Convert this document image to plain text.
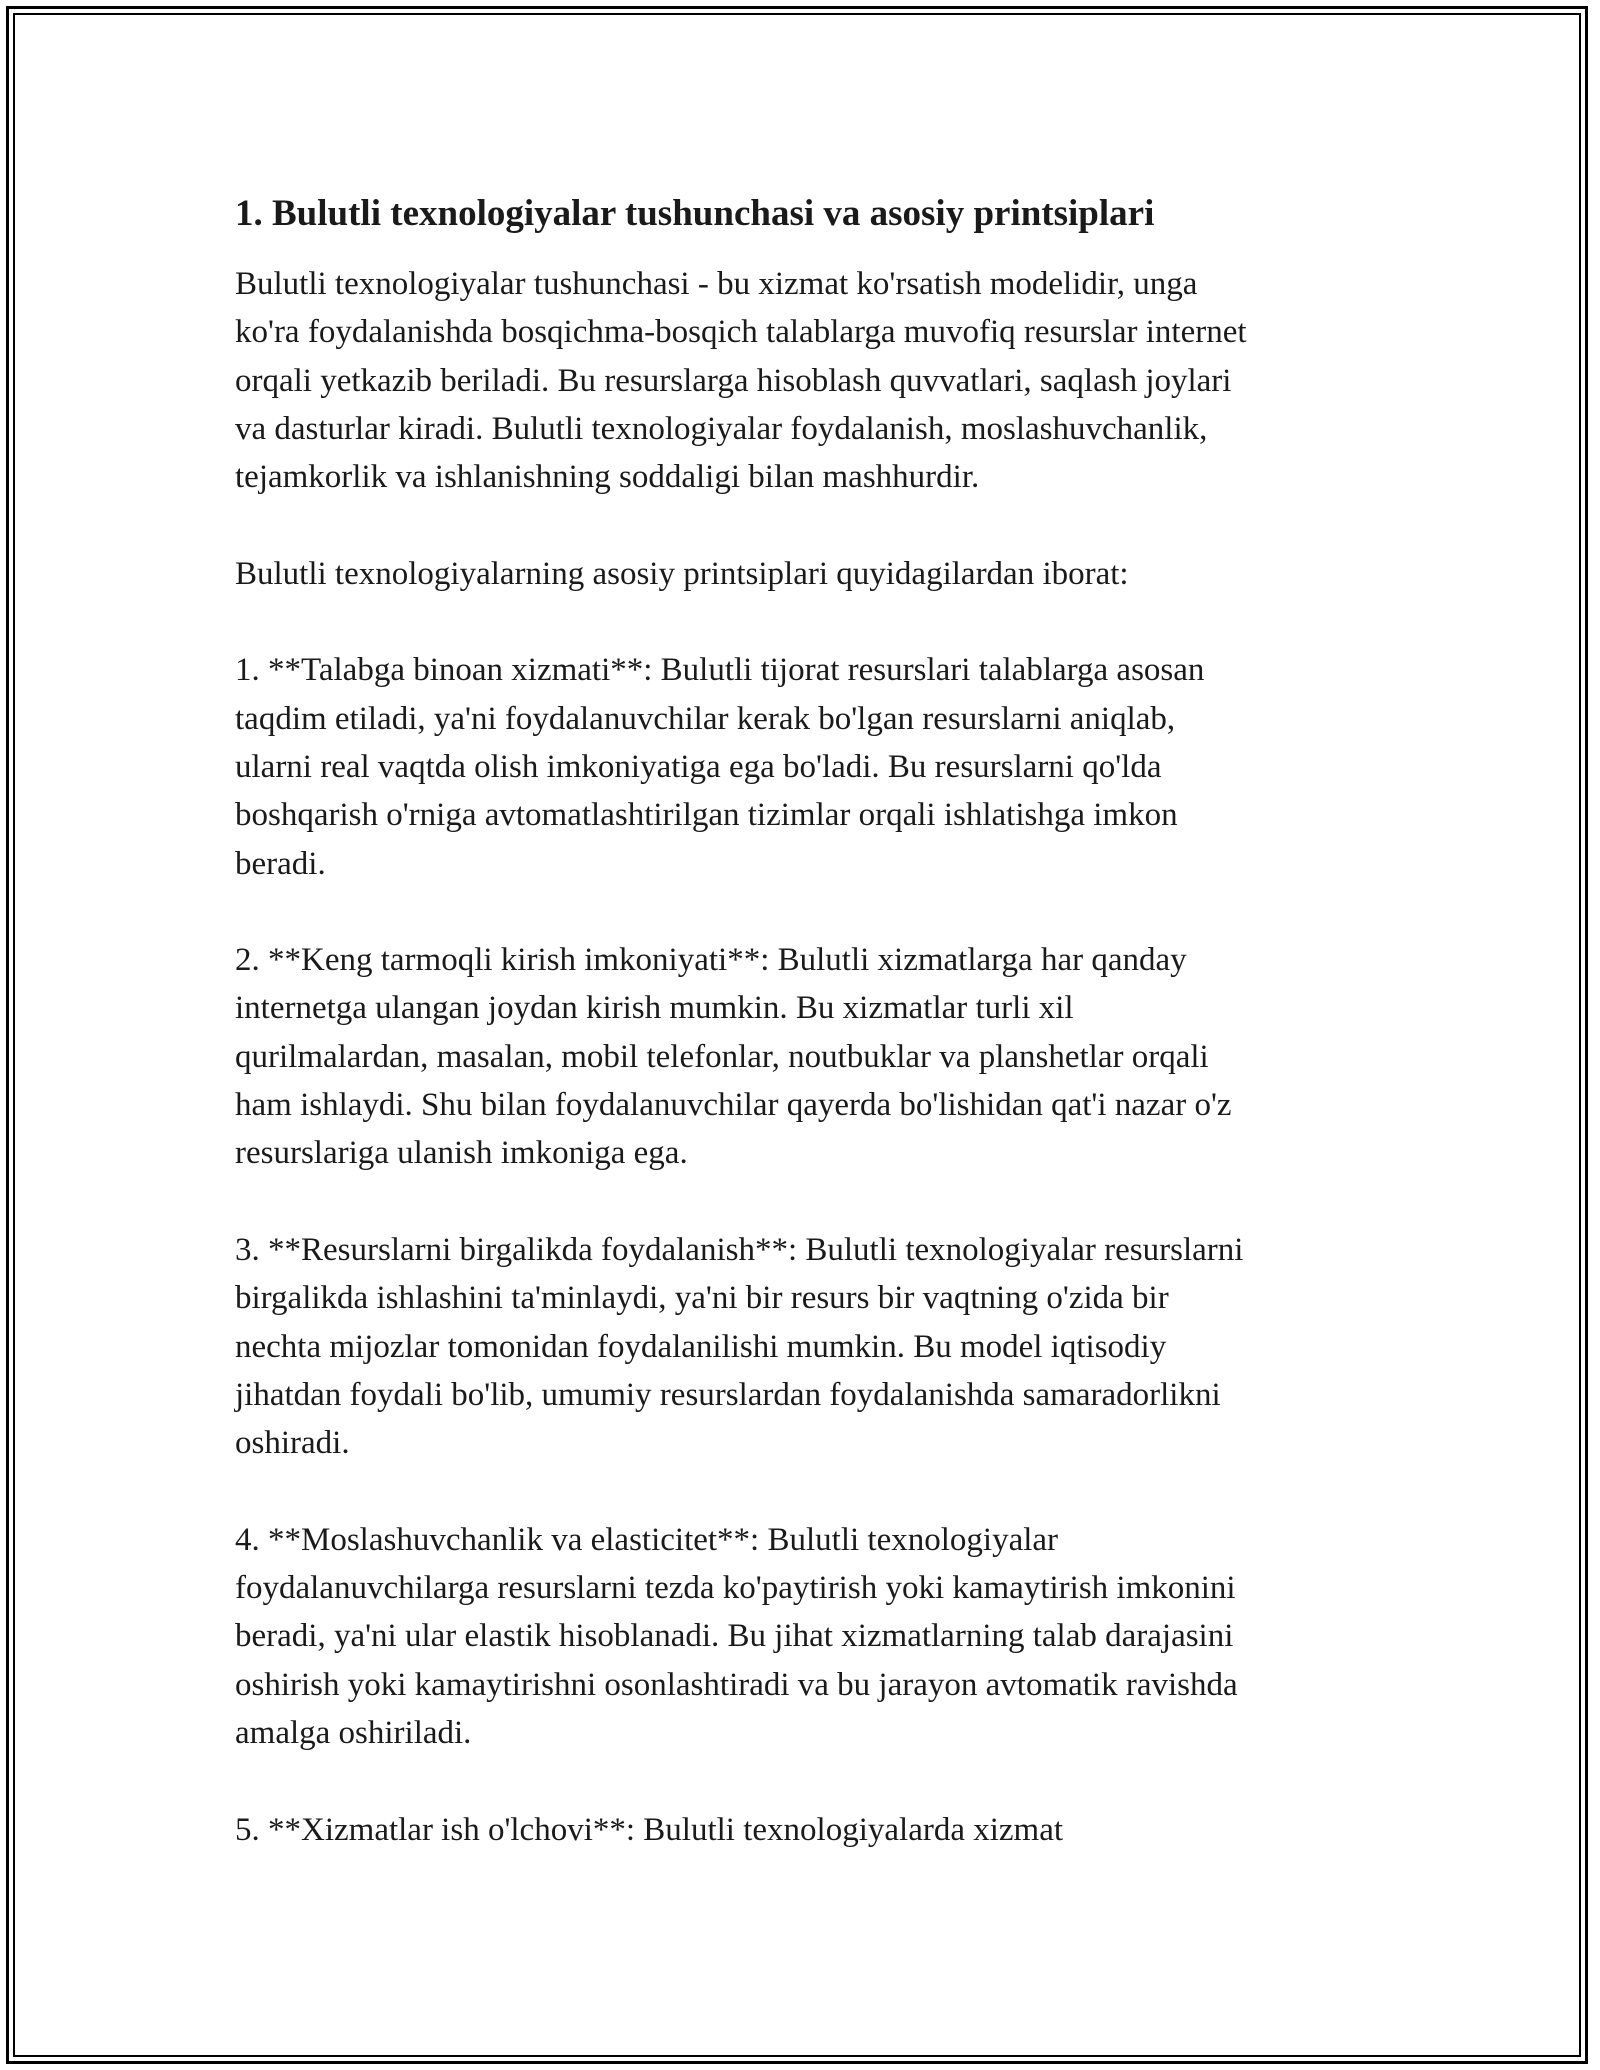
1. Bulutli texnologiyalar tushunchasi va asosiy printsiplari

Bulutli texnologiyalar tushunchasi - bu xizmat ko'rsatish modelidir, unga
ko'ra foydalanishda bosqichma-bosqich talablarga muvofiq resurslar internet
orqali yetkazib beriladi. Bu resurslarga hisoblash quvvatlari, saqlash joylari
va dasturlar kiradi. Bulutli texnologiyalar foydalanish, moslashuvchanlik,
tejamkorlik va ishlanishning soddaligi bilan mashhurdir.

Bulutli texnologiyalarning asosiy printsiplari quyidagilardan iborat:

1. **Talabga binoan xizmati**: Bulutli tijorat resurslari talablarga asosan
taqdim etiladi, ya'ni foydalanuvchilar kerak bo'lgan resurslarni aniqlab,
ularni real vaqtda olish imkoniyatiga ega bo'ladi. Bu resurslarni qo'lda
boshqarish o'rniga avtomatlashtirilgan tizimlar orqali ishlatishga imkon
beradi.

2. **Keng tarmoqli kirish imkoniyati**: Bulutli xizmatlarga har qanday
internetga ulangan joydan kirish mumkin. Bu xizmatlar turli xil
qurilmalardan, masalan, mobil telefonlar, noutbuklar va planshetlar orqali
ham ishlaydi. Shu bilan foydalanuvchilar qayerda bo'lishidan qat'i nazar o'z
resurslariga ulanish imkoniga ega.

3. **Resurslarni birgalikda foydalanish**: Bulutli texnologiyalar resurslarni
birgalikda ishlashini ta'minlaydi, ya'ni bir resurs bir vaqtning o'zida bir
nechta mijozlar tomonidan foydalanilishi mumkin. Bu model iqtisodiy
jihatdan foydali bo'lib, umumiy resurslardan foydalanishda samaradorlikni
oshiradi.

4. **Moslashuvchanlik va elasticitet**: Bulutli texnologiyalar
foydalanuvchilarga resurslarni tezda ko'paytirish yoki kamaytirish imkonini
beradi, ya'ni ular elastik hisoblanadi. Bu jihat xizmatlarning talab darajasini
oshirish yoki kamaytirishni osonlashtiradi va bu jarayon avtomatik ravishda
amalga oshiriladi.

5. **Xizmatlar ish o'lchovi**: Bulutli texnologiyalarda xizmat
